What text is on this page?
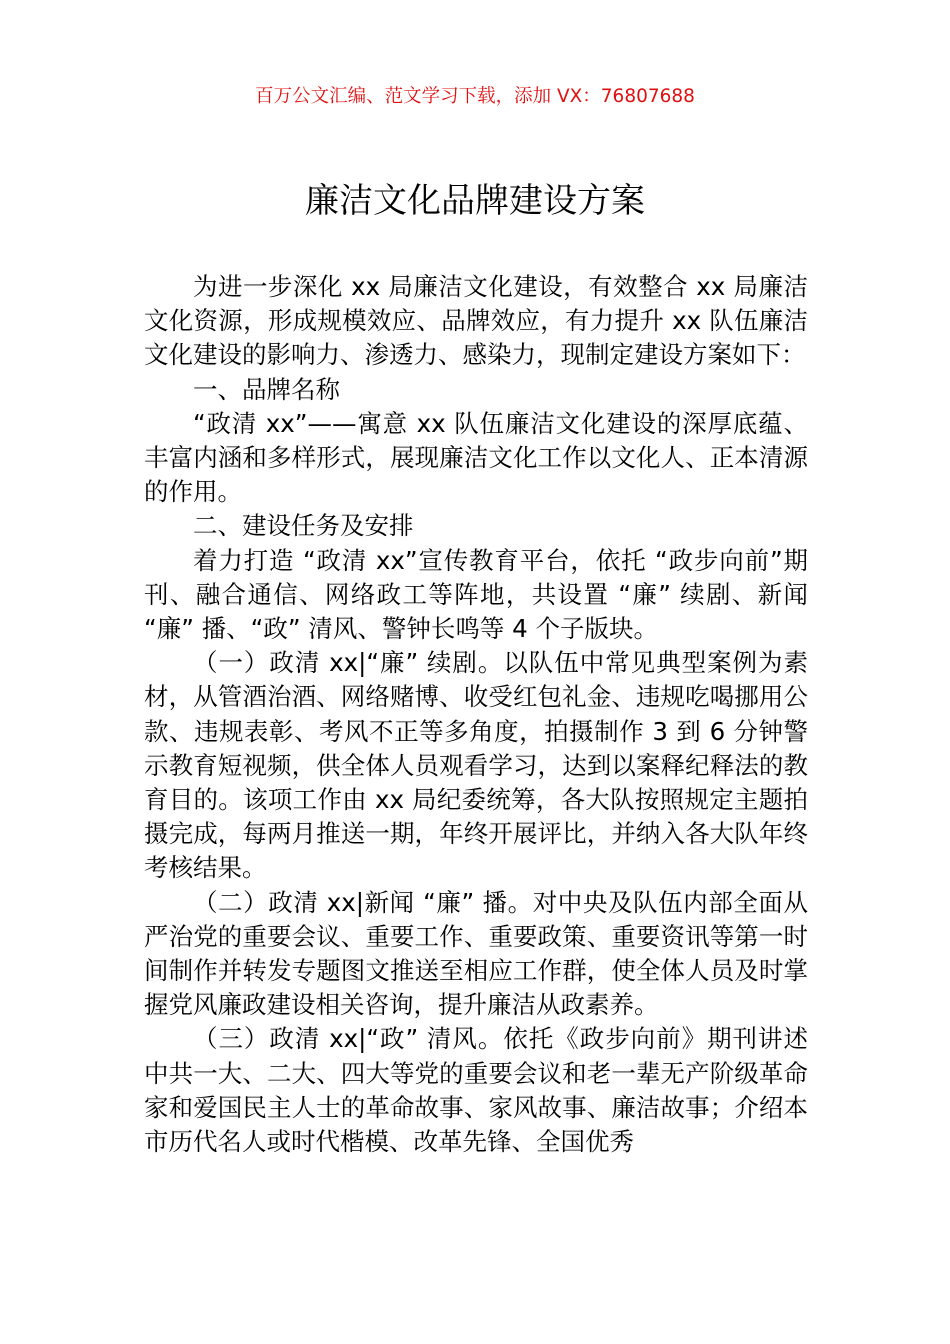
百万公文汇编、范文学习下载，添加 VX：76807688
廉洁文化品牌建设方案

为进一步深化 xx 局廉洁文化建设，有效整合 xx 局廉洁文化资源，形成规模效应、品牌效应，有力提升 xx 队伍廉洁文化建设的影响力、渗透力、感染力，现制定建设方案如下：

一、品牌名称

“政清 xx”——寓意 xx 队伍廉洁文化建设的深厚底蕴、丰富内涵和多样形式，展现廉洁文化工作以文化人、正本清源的作用。

二、建设任务及安排

着力打造 “政清 xx”宣传教育平台，依托 “政步向前”期刊、融合通信、网络政工等阵地，共设置 “廉” 续剧、新闻 “廉” 播、“政” 清风、警钟长鸣等 4 个子版块。

（一）政清 xx|“廉” 续剧。以队伍中常见典型案例为素材，从管酒治酒、网络赌博、收受红包礼金、违规吃喝挪用公款、违规表彰、考风不正等多角度，拍摄制作 3 到 6 分钟警示教育短视频，供全体人员观看学习，达到以案释纪释法的教育目的。该项工作由 xx 局纪委统筹，各大队按照规定主题拍摄完成，每两月推送一期，年终开展评比，并纳入各大队年终考核结果。

（二）政清 xx|新闻 “廉” 播。对中央及队伍内部全面从严治党的重要会议、重要工作、重要政策、重要资讯等第一时间制作并转发专题图文推送至相应工作群，使全体人员及时掌握党风廉政建设相关咨询，提升廉洁从政素养。

（三）政清 xx|“政” 清风。依托《政步向前》期刊讲述中共一大、二大、四大等党的重要会议和老一辈无产阶级革命家和爱国民主人士的革命故事、家风故事、廉洁故事；介绍本市历代名人或时代楷模、改革先锋、全国优秀
